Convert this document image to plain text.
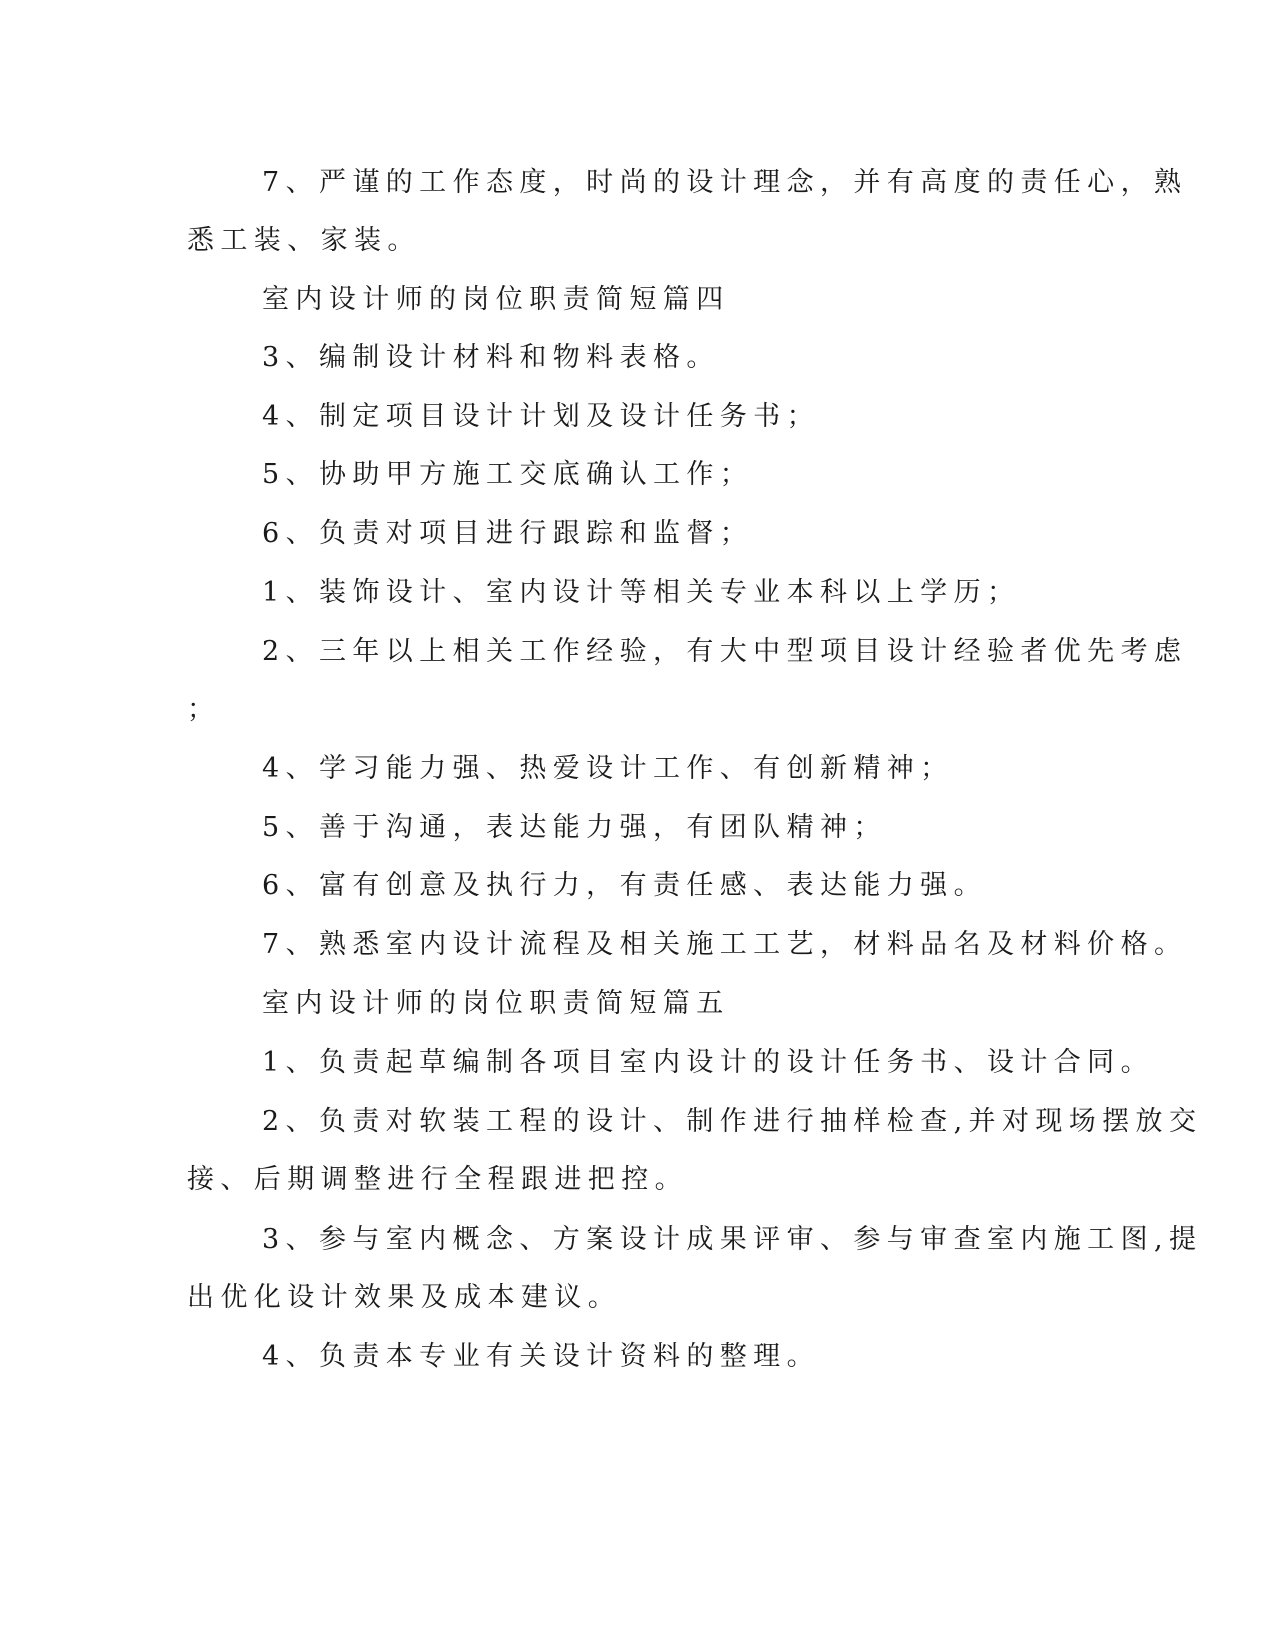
7、严谨的工作态度，时尚的设计理念，并有高度的责任心，熟
悉工装、家装。
室内设计师的岗位职责简短篇四
3、编制设计材料和物料表格。
4、制定项目设计计划及设计任务书；
5、协助甲方施工交底确认工作；
6、负责对项目进行跟踪和监督；
1、装饰设计、室内设计等相关专业本科以上学历；
2、三年以上相关工作经验，有大中型项目设计经验者优先考虑
；
4、学习能力强、热爱设计工作、有创新精神；
5、善于沟通，表达能力强，有团队精神；
6、富有创意及执行力，有责任感、表达能力强。
7、熟悉室内设计流程及相关施工工艺，材料品名及材料价格。
室内设计师的岗位职责简短篇五
1、负责起草编制各项目室内设计的设计任务书、设计合同。
2、负责对软装工程的设计、制作进行抽样检查,并对现场摆放交
接、后期调整进行全程跟进把控。
3、参与室内概念、方案设计成果评审、参与审查室内施工图,提
出优化设计效果及成本建议。
4、负责本专业有关设计资料的整理。
